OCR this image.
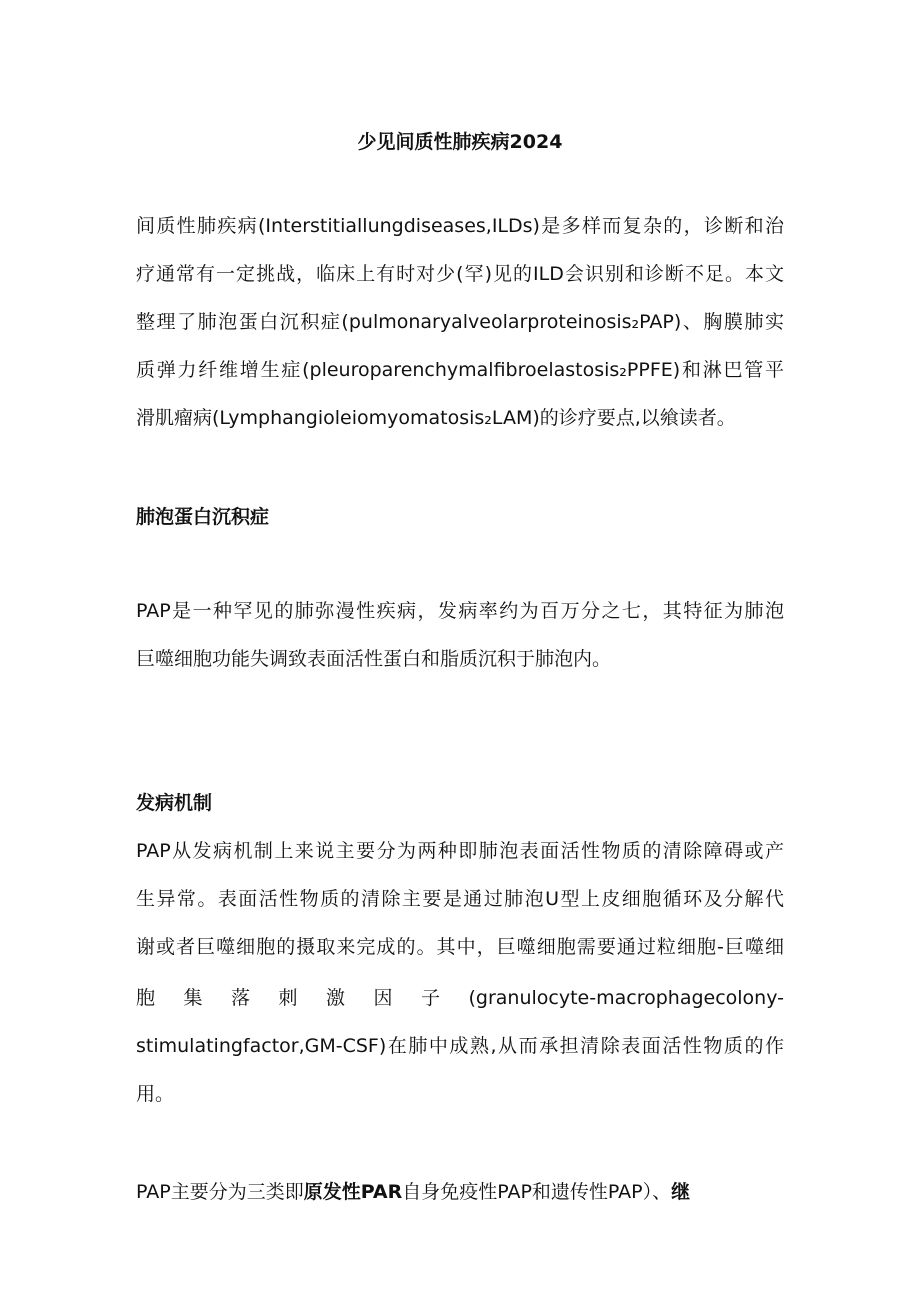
少见间质性肺疾病2024

间质性肺疾病(Interstitiallungdiseases,ILDs)是多样而复杂的，诊断和治

疗通常有一定挑战，临床上有时对少(罕)见的ILD会识别和诊断不足。本文

整理了肺泡蛋白沉积症(pulmonaryalveolarproteinosis₂PAP)、胸膜肺实

质弹力纤维增生症(pleuroparenchymalfibroelastosis₂PPFE)和淋巴管平

滑肌瘤病(Lymphangioleiomyomatosis₂LAM)的诊疗要点,以飨读者。

肺泡蛋白沉积症

PAP是一种罕见的肺弥漫性疾病，发病率约为百万分之七，其特征为肺泡

巨噬细胞功能失调致表面活性蛋白和脂质沉积于肺泡内。

发病机制

PAP从发病机制上来说主要分为两种即肺泡表面活性物质的清除障碍或产

生异常。表面活性物质的清除主要是通过肺泡U型上皮细胞循环及分解代

谢或者巨噬细胞的摄取来完成的。其中，巨噬细胞需要通过粒细胞-巨噬细

胞 集 落 刺 激 因 子 (granulocyte-macrophagecolony-

stimulatingfactor,GM-CSF)在肺中成熟,从而承担清除表面活性物质的作

用。

PAP主要分为三类即原发性PAR自身免疫性PAP和遗传性PAP）、继
